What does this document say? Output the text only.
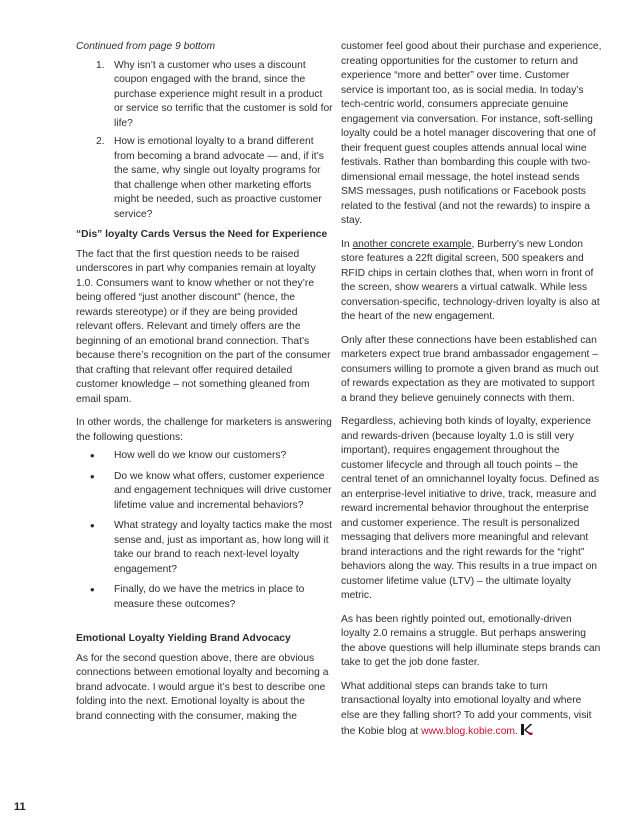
Continued from page 9 bottom

1. Why isn’t a customer who uses a discount coupon engaged with the brand, since the purchase experience might result in a product or service so terrific that the customer is sold for life?
2. How is emotional loyalty to a brand different from becoming a brand advocate — and, if it’s the same, why single out loyalty programs for that challenge when other marketing efforts might be needed, such as proactive customer service?
“Dis” loyalty Cards Versus the Need for Experience

The fact that the first question needs to be raised underscores in part why companies remain at loyalty 1.0. Consumers want to know whether or not they’re being offered “just another discount” (hence, the rewards stereotype) or if they are being provided relevant offers. Relevant and timely offers are the beginning of an emotional brand connection. That’s because there’s recognition on the part of the consumer that crafting that relevant offer required detailed customer knowledge – not something gleaned from email spam.

In other words, the challenge for marketers is answering the following questions:

•	How well do we know our customers?
•	Do we know what offers, customer experience and engagement techniques will drive customer lifetime value and incremental behaviors?
•	What strategy and loyalty tactics make the most sense and, just as important as, how long will it take our brand to reach next-level loyalty engagement?
•	Finally, do we have the metrics in place to measure these outcomes?
Emotional Loyalty Yielding Brand Advocacy

As for the second question above, there are obvious connections between emotional loyalty and becoming a brand advocate. I would argue it’s best to describe one folding into the next. Emotional loyalty is about the brand connecting with the consumer, making the

customer feel good about their purchase and experience, creating opportunities for the customer to return and experience “more and better” over time. Customer service is important too, as is social media. In today’s tech-centric world, consumers appreciate genuine engagement via conversation. For instance, soft-selling loyalty could be a hotel manager discovering that one of their frequent guest couples attends annual local wine festivals. Rather than bombarding this couple with two-dimensional email message, the hotel instead sends SMS messages, push notifications or Facebook posts related to the festival (and not the rewards) to inspire a stay.

In another concrete example, Burberry’s new London store features a 22ft digital screen, 500 speakers and RFID chips in certain clothes that, when worn in front of the screen, show wearers a virtual catwalk. While less conversation-specific, technology-driven loyalty is also at the heart of the new engagement.

Only after these connections have been established can marketers expect true brand ambassador engagement – consumers willing to promote a given brand as much out of rewards expectation as they are motivated to support a brand they believe genuinely connects with them.

Regardless, achieving both kinds of loyalty, experience and rewards-driven (because loyalty 1.0 is still very important), requires engagement throughout the customer lifecycle and through all touch points – the central tenet of an omnichannel loyalty focus. Defined as an enterprise-level initiative to drive, track, measure and reward incremental behavior throughout the enterprise and customer experience. The result is personalized messaging that delivers more meaningful and relevant brand interactions and the right rewards for the “right” behaviors along the way. This results in a true impact on customer lifetime value (LTV) – the ultimate loyalty metric.

As has been rightly pointed out, emotionally-driven loyalty 2.0 remains a struggle. But perhaps answering the above questions will help illuminate steps brands can take to get the job done faster.

What additional steps can brands take to turn transactional loyalty into emotional loyalty and where else are they falling short? To add your comments, visit the Kobie blog at www.blog.kobie.com.

11
